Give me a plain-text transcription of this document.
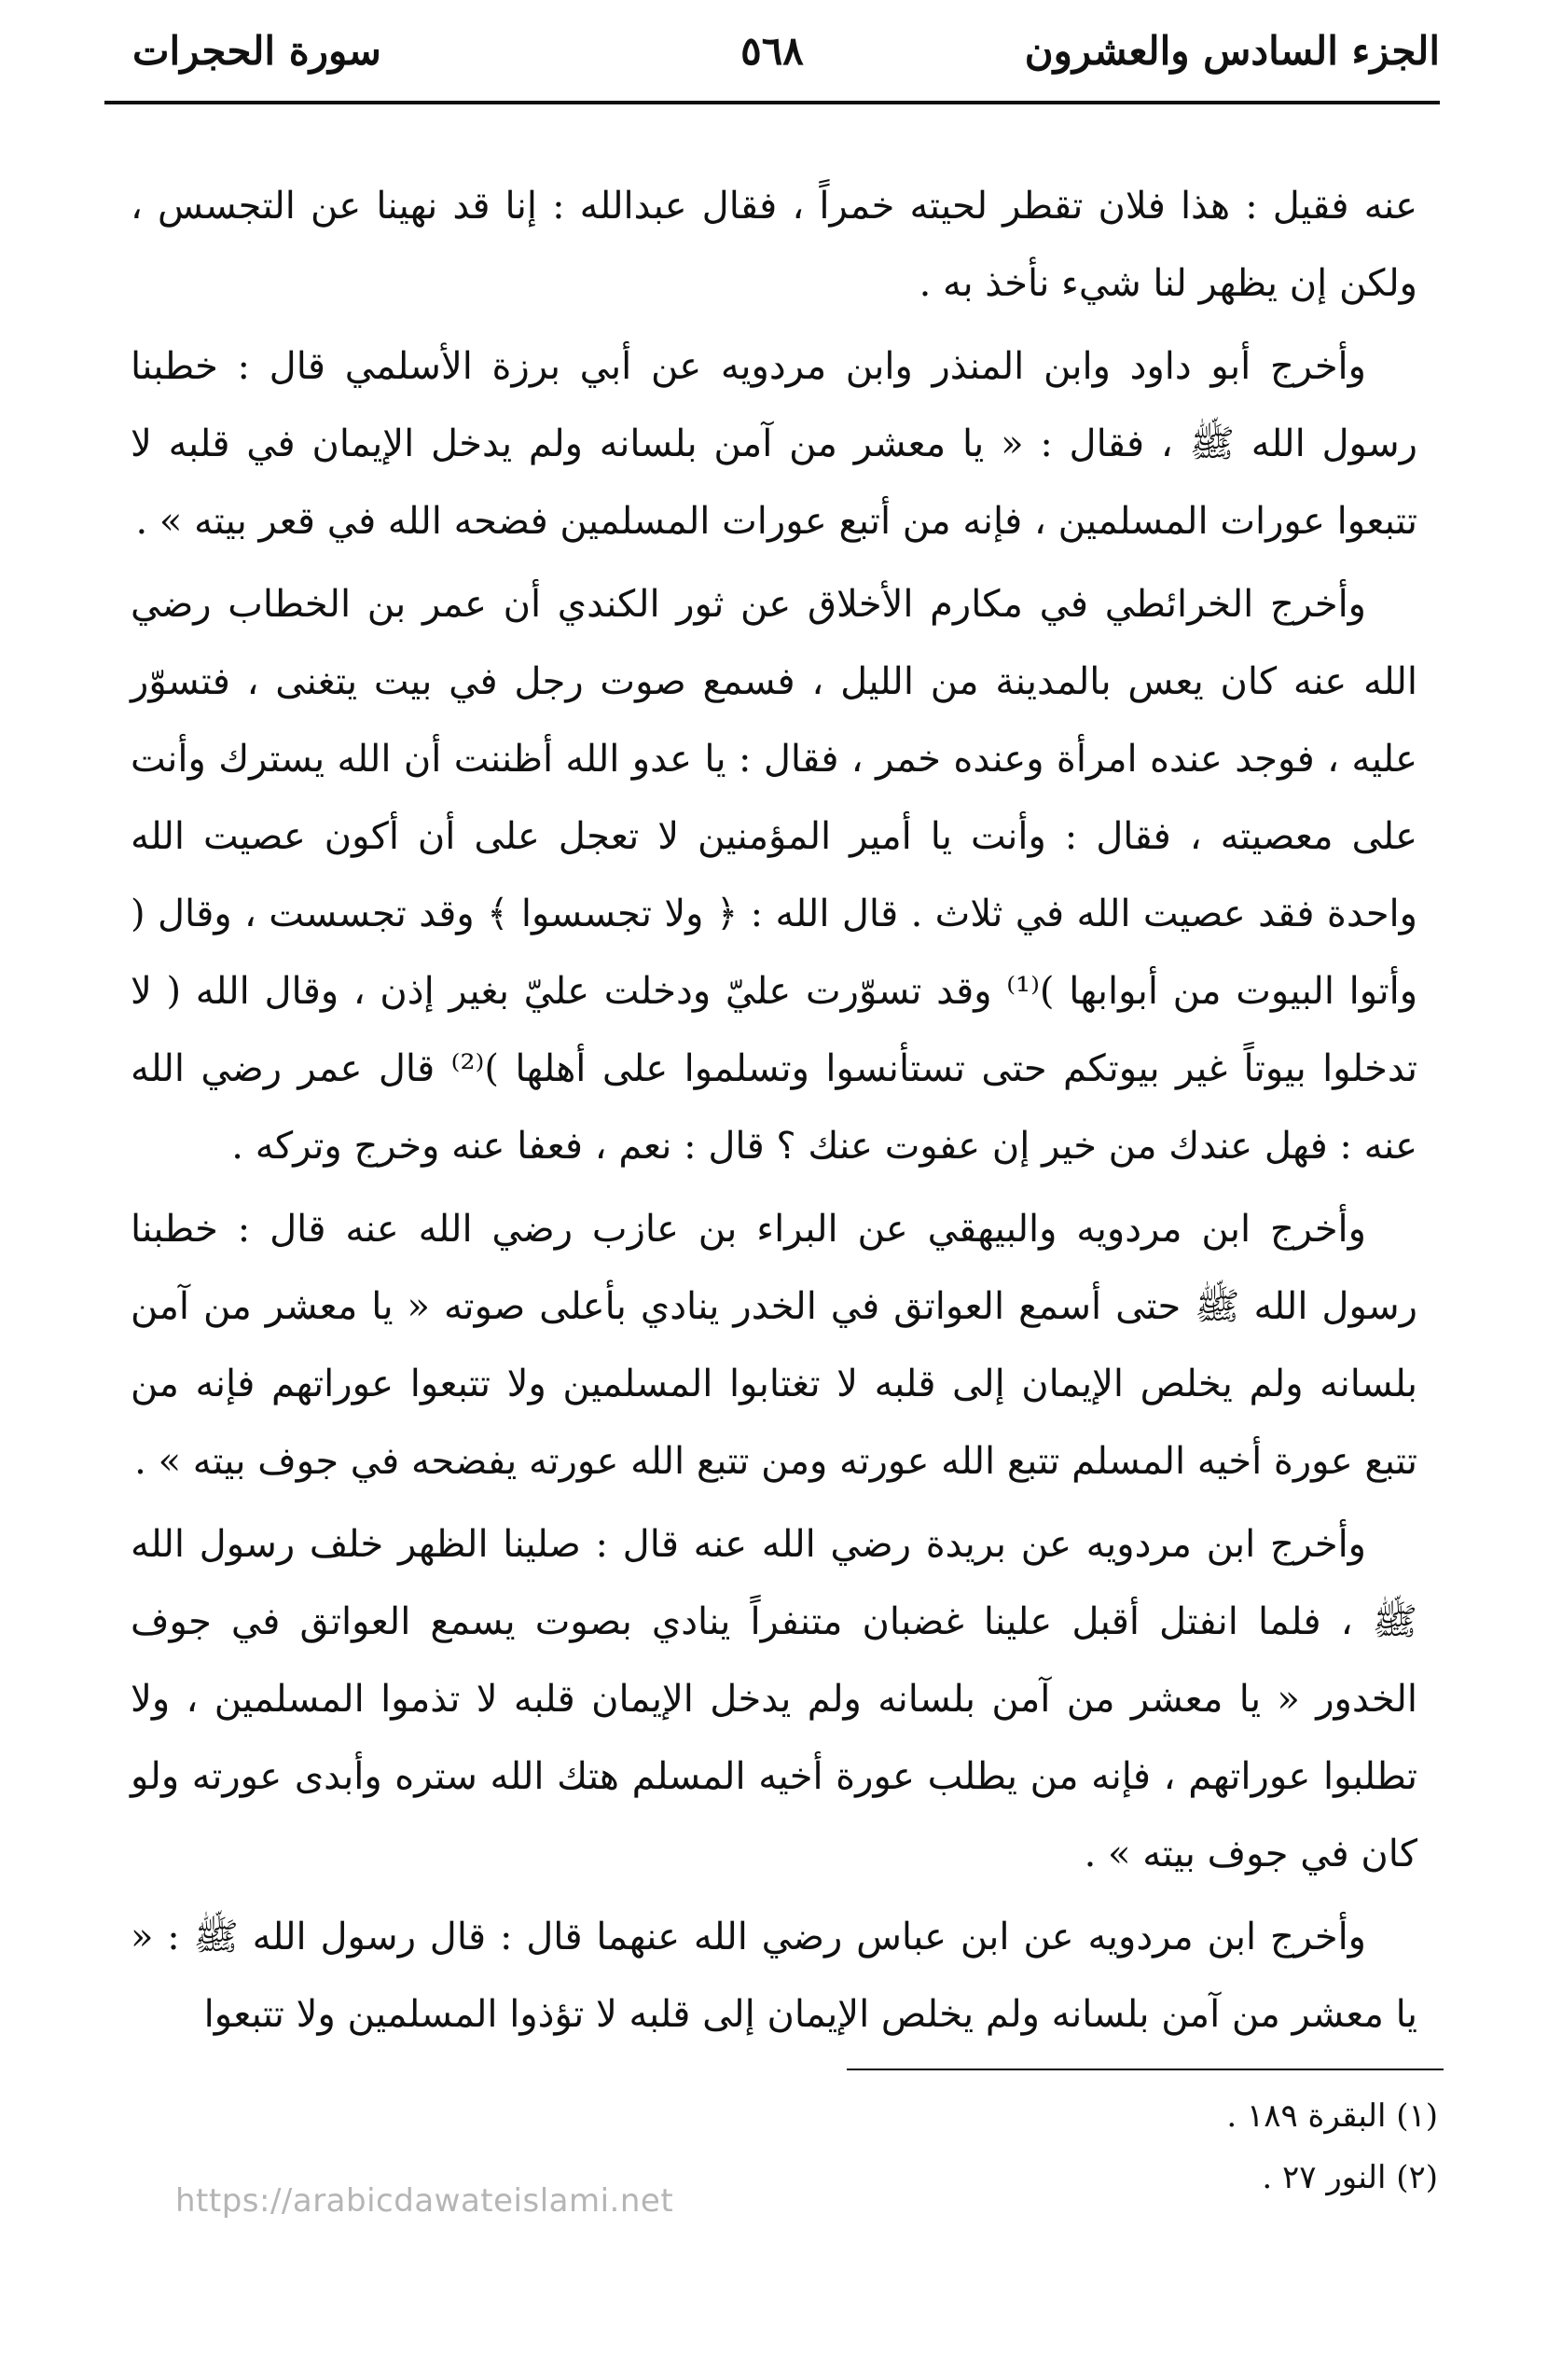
الجزء السادس والعشرون
٥٦٨
سورة الحجرات

عنه فقيل : هذا فلان تقطر لحيته خمراً ، فقال عبدالله : إنا قد نهينا عن التجسس ، ولكن إن يظهر لنا شيء نأخذ به .

وأخرج أبو داود وابن المنذر وابن مردويه عن أبي برزة الأسلمي قال : خطبنا رسول الله ﷺ ، فقال : « يا معشر من آمن بلسانه ولم يدخل الإيمان في قلبه لا تتبعوا عورات المسلمين ، فإنه من أتبع عورات المسلمين فضحه الله في قعر بيته » .

وأخرج الخرائطي في مكارم الأخلاق عن ثور الكندي أن عمر بن الخطاب رضي الله عنه كان يعس بالمدينة من الليل ، فسمع صوت رجل في بيت يتغنى ، فتسوّر عليه ، فوجد عنده امرأة وعنده خمر ، فقال : يا عدو الله أظننت أن الله يسترك وأنت على معصيته ، فقال : وأنت يا أمير المؤمنين لا تعجل على أن أكون عصيت الله واحدة فقد عصيت الله في ثلاث . قال الله : ﴿ ولا تجسسوا ﴾ وقد تجسست ، وقال ( وأتوا البيوت من أبوابها )⁽¹⁾ وقد تسوّرت عليّ ودخلت عليّ بغير إذن ، وقال الله ( لا تدخلوا بيوتاً غير بيوتكم حتى تستأنسوا وتسلموا على أهلها )⁽²⁾ قال عمر رضي الله عنه : فهل عندك من خير إن عفوت عنك ؟ قال : نعم ، فعفا عنه وخرج وتركه .

وأخرج ابن مردويه والبيهقي عن البراء بن عازب رضي الله عنه قال : خطبنا رسول الله ﷺ حتى أسمع العواتق في الخدر ينادي بأعلى صوته « يا معشر من آمن بلسانه ولم يخلص الإيمان إلى قلبه لا تغتابوا المسلمين ولا تتبعوا عوراتهم فإنه من تتبع عورة أخيه المسلم تتبع الله عورته ومن تتبع الله عورته يفضحه في جوف بيته » .

وأخرج ابن مردويه عن بريدة رضي الله عنه قال : صلينا الظهر خلف رسول الله ﷺ ، فلما انفتل أقبل علينا غضبان متنفراً ينادي بصوت يسمع العواتق في جوف الخدور « يا معشر من آمن بلسانه ولم يدخل الإيمان قلبه لا تذموا المسلمين ، ولا تطلبوا عوراتهم ، فإنه من يطلب عورة أخيه المسلم هتك الله ستره وأبدى عورته ولو كان في جوف بيته » .

وأخرج ابن مردويه عن ابن عباس رضي الله عنهما قال : قال رسول الله ﷺ : « يا معشر من آمن بلسانه ولم يخلص الإيمان إلى قلبه لا تؤذوا المسلمين ولا تتبعوا

(١) البقرة ١٨٩ .

(٢) النور ٢٧ .

https://arabicdawateislami.net
